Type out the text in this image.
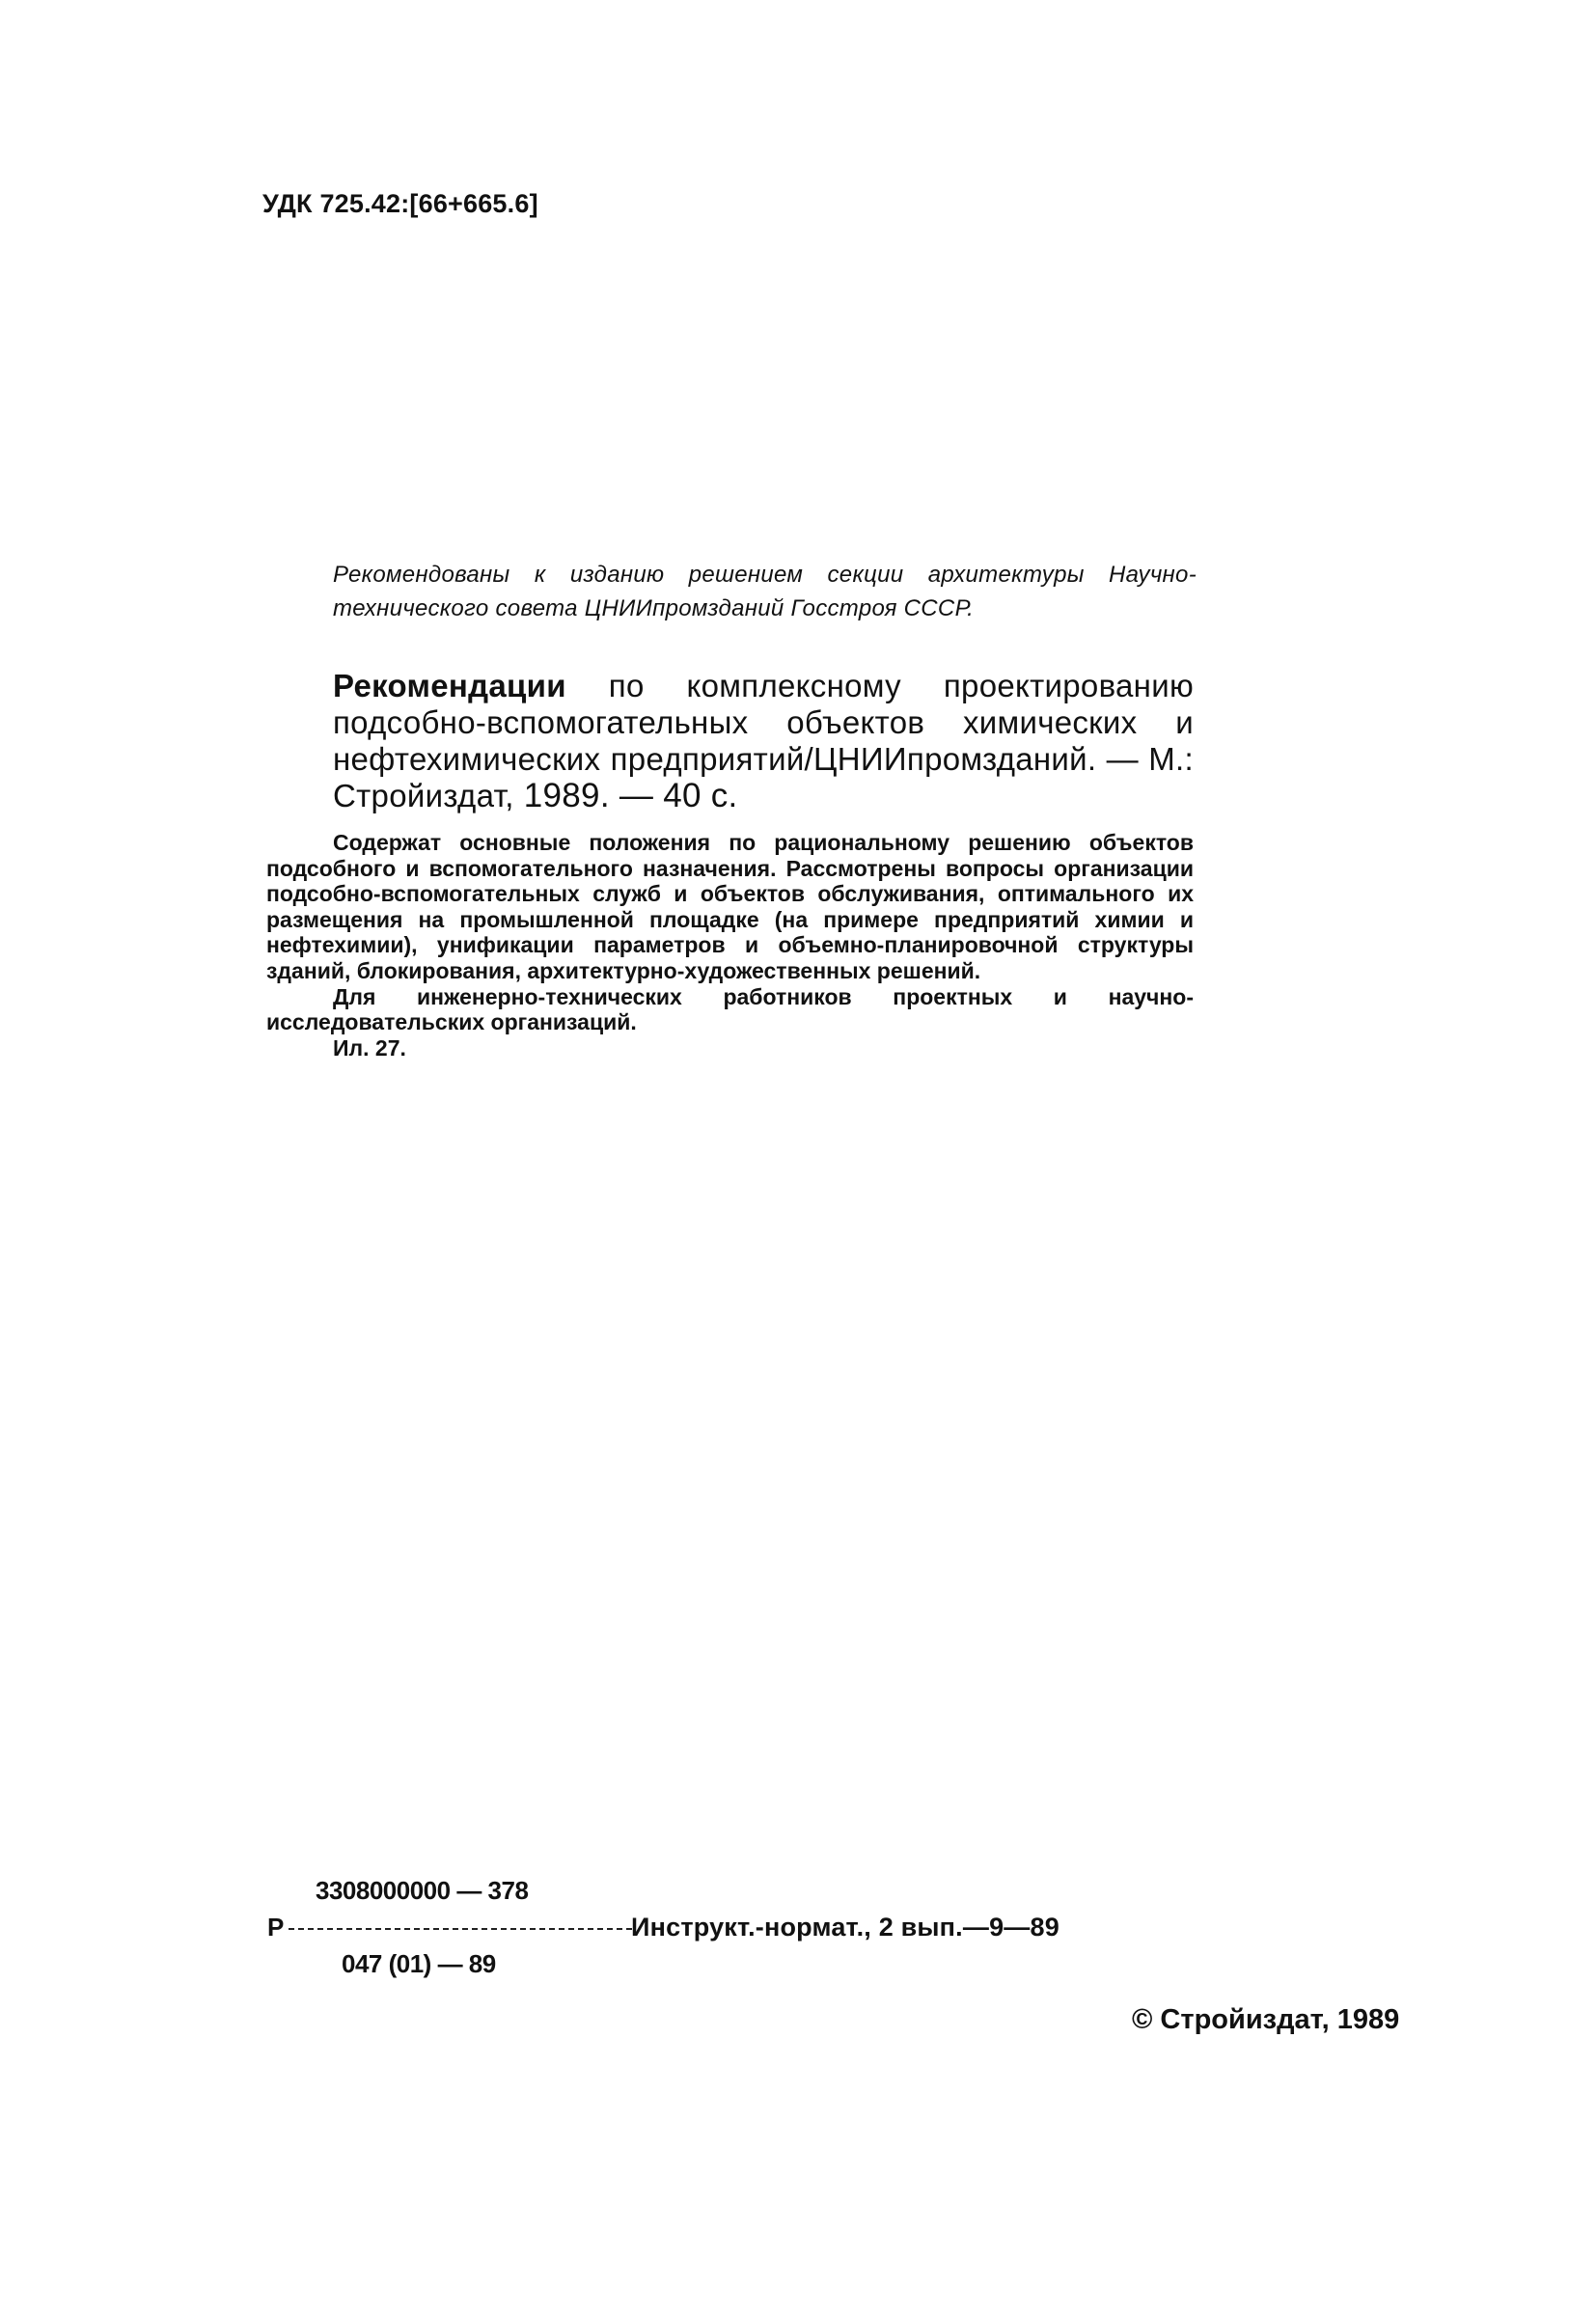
УДК 725.42:[66+665.6]
Рекомендованы к изданию решением секции архитектуры Научно-технического совета ЦНИИпромзданий Госстроя СССР.
Рекомендации по комплексному проектированию подсобно-вспомогательных объектов химических и нефтехимических предприятий/ЦНИИпромзданий. — М.: Стройиздат, 1989. — 40 с.

Содержат основные положения по рациональному решению объектов подсобного и вспомогательного назначения. Рассмотрены вопросы организации подсобно-вспомогательных служб и объектов обслуживания, оптимального их размещения на промышленной площадке (на примере предприятий химии и нефтехимии), унификации параметров и объемно-планировочной структуры зданий, блокирования, архитектурно-художественных решений.

Для инженерно-технических работников проектных и научно-исследовательских организаций.

Ил. 27.

3308000000 — 378
Р
047 (01) — 89
Инструкт.-нормат., 2 вып.—9—89
© Стройиздат, 1989
